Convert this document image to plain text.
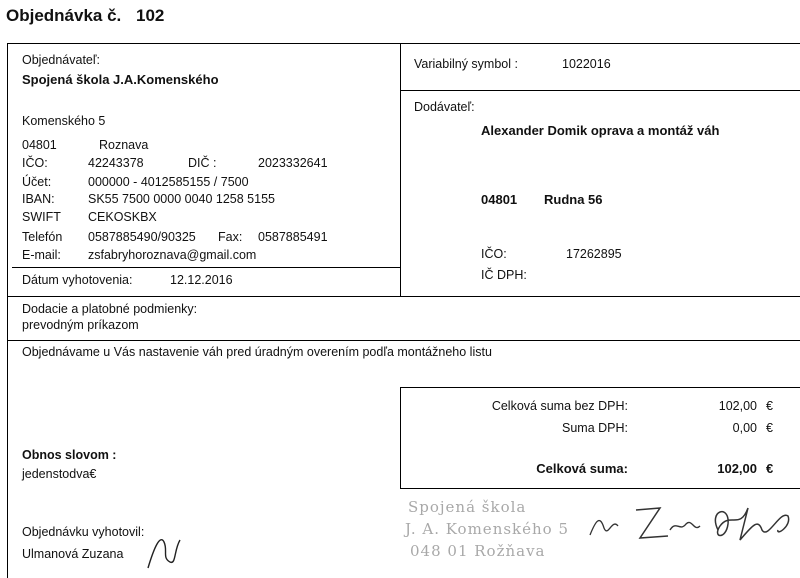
Objednávka č. 102
Objednávateľ:
Spojená škola J.A.Komenského
Komenského 5
04801	Roznava
IČO:	42243378	DIČ :	2023332641
Účet:	000000 - 4012585155 / 7500
IBAN:	SK55 7500 0000 0040 1258 5155
SWIFT CEKOSKBX
Telefón 0587885490/90325 Fax: 0587885491
E-mail: zsfabryhoroznava@gmail.com
Dátum vyhotovenia:	12.12.2016
Variabilný symbol :	1022016
Dodávateľ:
Alexander Domik oprava a montáž váh
04801 Rudna 56
IČO:	17262895
IČ DPH:
Dodacie a platobné podmienky:
prevodným príkazom
Objednávame u Vás nastavenie váh pred úradným overením podľa montážneho listu
Celková suma bez DPH:	102,00 €
Suma DPH:	0,00 €
Celková suma:	102,00 €
Obnos slovom :
jedenstodva€
Objednávku vyhotovil:
Ulmanová Zuzana
Spojená škola
J. A. Komenského 5
048 01 Rožňava
